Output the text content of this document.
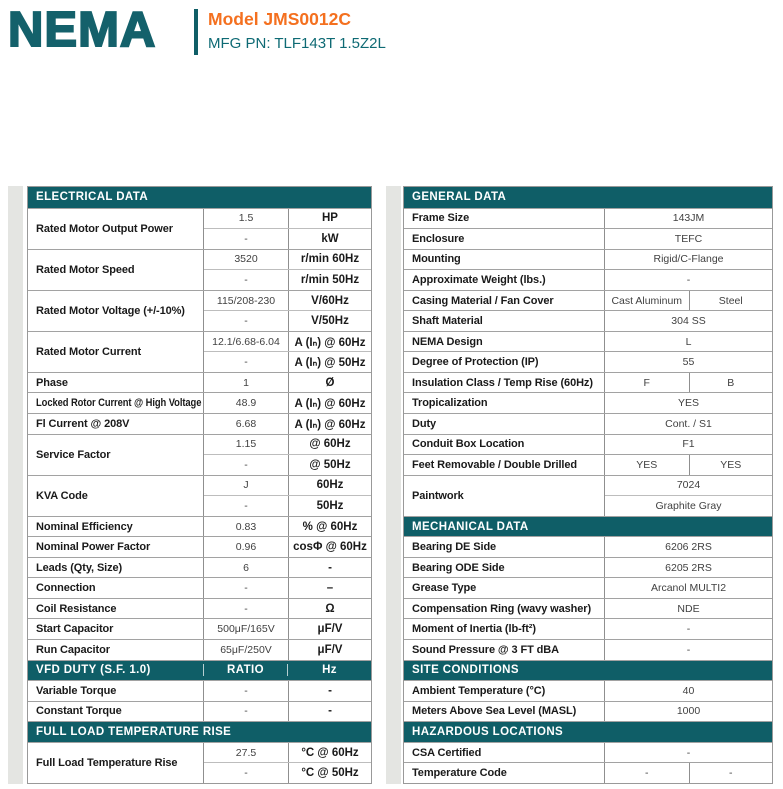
NEMA	Model JMS0012C
MFG PN: TLF143T 1.5Z2L
ELECTRICAL DATA
Rated Motor Output Power
1.5	HP
-	kW
Rated Motor Speed
3520	r/min 60Hz
-	r/min 50Hz
Rated Motor Voltage (+/-10%)
115/208-230	V/60Hz
-	V/50Hz
Rated Motor Current
12.1/6.68-6.04 A (Iₙ) @ 60Hz
-	A (Iₙ) @ 50Hz
Phase	1	Ø
Locked Rotor Current @ High Voltage	48.9	A (Iₙ) @ 60Hz
Fl Current @ 208V	6.68	A (Iₙ) @ 60Hz
Service Factor
1.15	@ 60Hz
-	@ 50Hz
KVA Code
J	60Hz
-	50Hz
Nominal Efficiency	0.83	% @ 60Hz
Nominal Power Factor	0.96	cosΦ @ 60Hz
Leads (Qty, Size)	6	-
Connection	-	–
Coil Resistance	-	Ω
Start Capacitor	500μF/165V	μF/V
Run Capacitor	65μF/250V	μF/V
VFD DUTY (S.F. 1.0)	RATIO	Hz
Variable Torque	-	-
Constant Torque	-	-
FULL LOAD TEMPERATURE RISE
Full Load Temperature Rise
27.5	°C @ 60Hz
-	°C @ 50Hz
GENERAL DATA
Frame Size	143JM
Enclosure	TEFC
Mounting	Rigid/C-Flange
Approximate Weight (lbs.)	-
Casing Material / Fan Cover	Cast Aluminum	Steel
Shaft Material	304 SS
NEMA Design	L
Degree of Protection (IP)	55
Insulation Class / Temp Rise (60Hz)	F	B
Tropicalization	YES
Duty	Cont. / S1
Conduit Box Location	F1
Feet Removable / Double Drilled	YES	YES
Paintwork
7024
Graphite Gray
MECHANICAL DATA
Bearing DE Side	6206 2RS
Bearing ODE Side	6205 2RS
Grease Type	Arcanol MULTI2
Compensation Ring (wavy washer)	NDE
Moment of Inertia (lb-ft²)	-
Sound Pressure @ 3 FT dBA	-
SITE CONDITIONS
Ambient Temperature (°C)	40
Meters Above Sea Level (MASL)	1000
HAZARDOUS LOCATIONS
CSA Certified	-
Temperature Code	-	-
